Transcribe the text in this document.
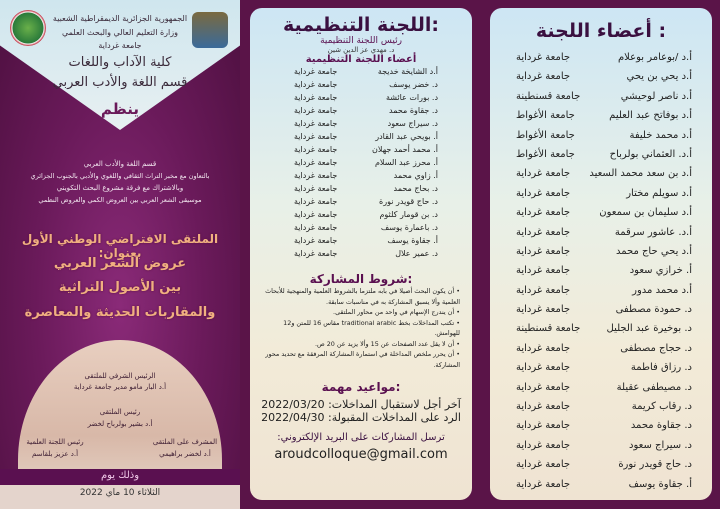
الجمهورية الجزائرية الديمقراطية الشعبية
وزارة التعليم العالي والبحث العلمي
جامعة غرداية
كلية الآداب واللغات
قسم اللغة والأدب العربي
ينظم
قسم اللغة والأدب العربي
بالتعاون مع مخبر التراث الثقافي واللغوي والأدبي بالجنوب الجزائري
وبالاشتراك مع فرقة مشروع البحث التكويني
موسيقى الشعر العربي بين العروض الكمي والعروض النظمي
الملتقى الافتراضي الوطني الأول بعنوان:
عروض الشعر العربي
بين الأصول التراثية
والمقاربات الحديثة والمعاصرة
الرئيس الشرفي للملتقى
أ.د البار مامو مدير جامعة غرداية
رئيس الملتقى
أ.د بشير بولرباح لخضر
المشرف على الملتقى
أ.د لخضر براهيمي
رئيس اللجنة العلمية
أ.د عزيز بلقاسم
وذلك يوم
الثلاثاء 10 ماي 2022
اللجنة التنظيمية:
رئيس اللجنة التنظيمية
د. مهدي عز الدين شين
أعضاء اللجنة التنظيمية
أ.د الشايخة خديجة
جامعة غرداية
د. خضر يوسف
جامعة غرداية
د. بورات عائشة
جامعة غرداية
د. جقاوة محمد
جامعة غرداية
د. سيراج سعود
جامعة غرداية
أ. بويحي عبد القادر
جامعة غرداية
أ. محمد أحمد جهلان
جامعة غرداية
أ. محرز عبد السلام
جامعة غرداية
أ. زاوي محمد
جامعة غرداية
د. بحاج محمد
جامعة غرداية
د. حاج قويدر نورة
جامعة غرداية
د. بن قومار كلثوم
جامعة غرداية
د. باعمارة يوسف
جامعة غرداية
أ. جقاوة يوسف
جامعة غرداية
د. عمير علال
جامعة غرداية
شروط المشاركة:
• أن يكون البحث أصيلا في بابه ملتزما بالشروط العلمية والمنهجية للأبحاث العلمية وألا يسبق المشاركة به في مناسبات سابقة.
• أن يندرج الإسهام في واحد من محاور الملتقى.
• تكتب المداخلات بخط traditional arabic مقاس 16 للمتن و12 للهوامش.
• أن لا يقل عدد الصفحات عن 15 وألا يزيد عن 20 ص.
• أن يحرر ملخص المداخلة في استمارة المشاركة المرفقة مع تحديد محور المشاركة.
مواعيد مهمة:
آخر أجل لاستقبال المداخلات: 2022/03/20
الرد على المداخلات المقبولة: 2022/04/30
ترسل المشاركات على البريد الإلكتروني:
aroudcolloque@gmail.com
أعضاء اللجنة :
أ.د /بوعامر بوعلام
جامعة غرداية
أ.د يحي بن يحي
جامعة غرداية
أ.د ناصر لوحيشي
جامعة قسنطينة
أ.د بوفاتح عبد العليم
جامعة الأغواط
أ.د محمد خليفة
جامعة الأغواط
أ.د. العثماني بولرباح
جامعة الأغواط
أ.د بن سعد محمد السعيد
جامعة غرداية
أ.د سويلم مختار
جامعة غرداية
أ.د سليمان بن سمعون
جامعة غرداية
أ.د. عاشور سرقمة
جامعة غرداية
أ.د يحي حاج محمد
جامعة غرداية
أ. خرازي سعود
جامعة غرداية
أ.د محمد مدور
جامعة غرداية
د. حمودة مصطفى
جامعة غرداية
د. بوخيرة عبد الجليل
جامعة قسنطينة
د. حجاج مصطفى
جامعة غرداية
د. رزاق فاطمة
جامعة غرداية
د. مصيطفى عقيلة
جامعة غرداية
د. رقاب كريمة
جامعة غرداية
د. جقاوة محمد
جامعة غرداية
د. سيراج سعود
جامعة غرداية
د. حاج قويدر نورة
جامعة غرداية
أ. جقاوة يوسف
جامعة غرداية
